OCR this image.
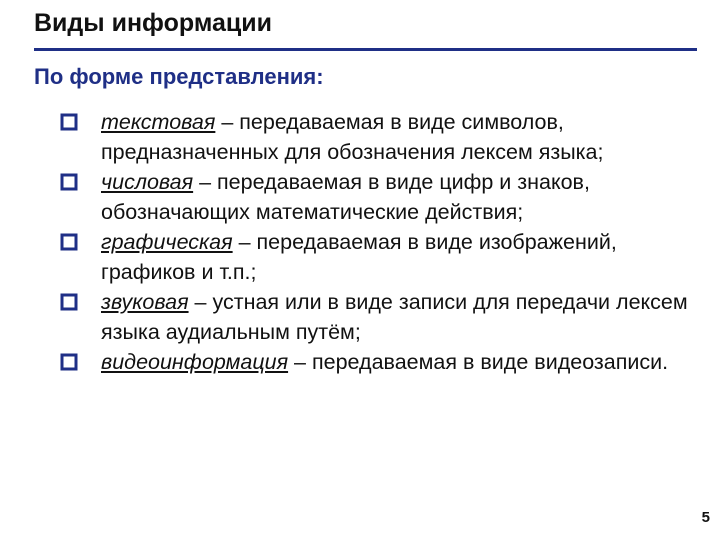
Виды информации
По форме представления:
текстовая – передаваемая в виде символов, предназначенных для обозначения лексем языка;
числовая – передаваемая в виде цифр и знаков, обозначающих математические действия;
графическая – передаваемая в виде изображений, графиков и т.п.;
звуковая – устная или в виде записи для передачи лексем языка аудиальным путём;
видеоинформация – передаваемая в виде видеозаписи.
5
